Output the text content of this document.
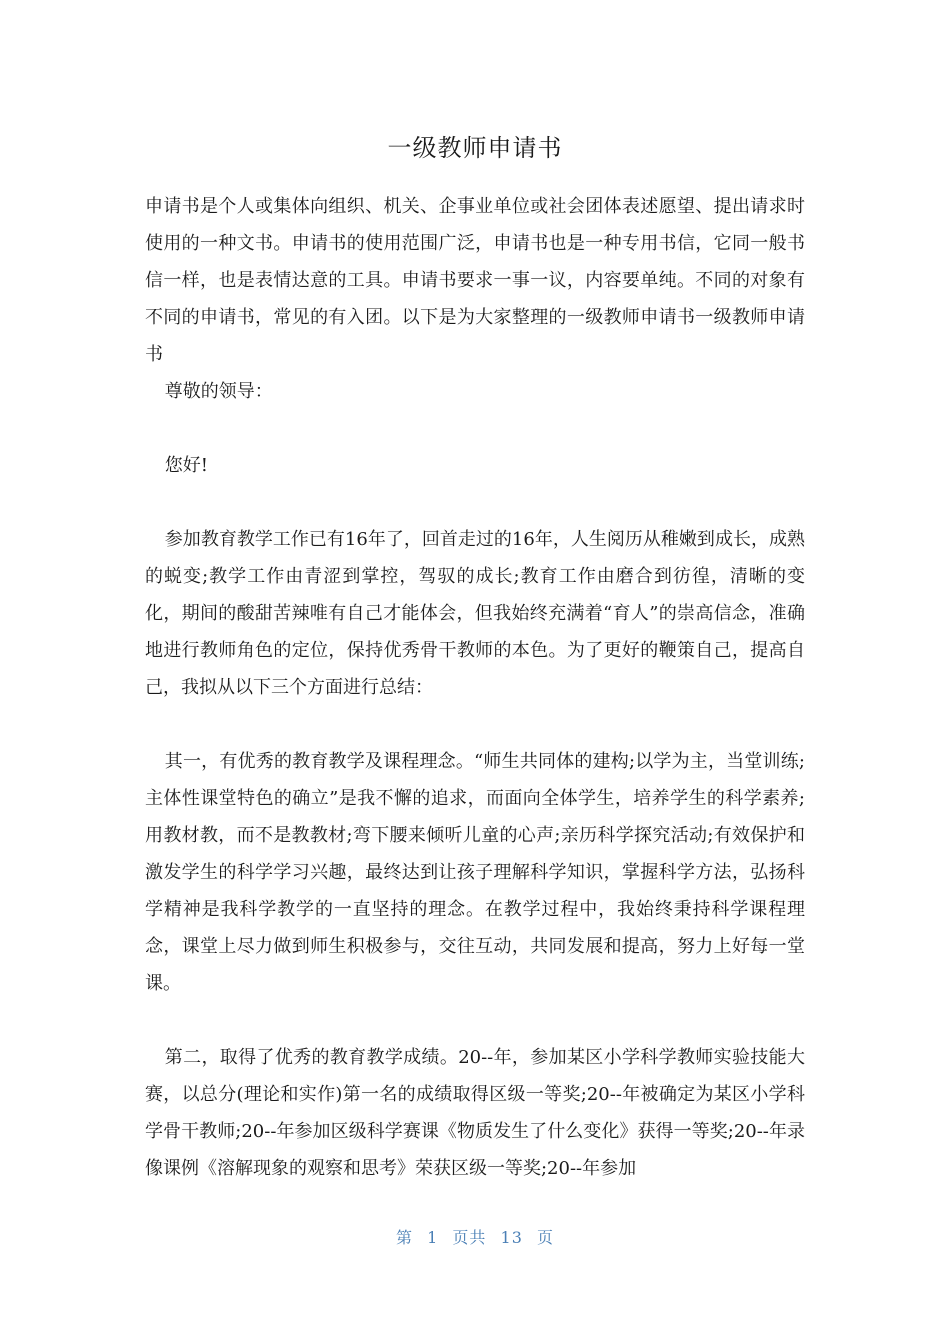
一级教师申请书

申请书是个人或集体向组织、机关、企事业单位或社会团体表述愿望、提出请求时使用的一种文书。申请书的使用范围广泛，申请书也是一种专用书信，它同一般书信一样，也是表情达意的工具。申请书要求一事一议，内容要单纯。不同的对象有不同的申请书，常见的有入团。以下是为大家整理的一级教师申请书一级教师申请书

尊敬的领导：

您好!

参加教育教学工作已有16年了，回首走过的16年，人生阅历从稚嫩到成长，成熟的蜕变;教学工作由青涩到掌控，驾驭的成长;教育工作由磨合到彷徨，清晰的变化，期间的酸甜苦辣唯有自己才能体会，但我始终充满着“育人”的崇高信念，准确地进行教师角色的定位，保持优秀骨干教师的本色。为了更好的鞭策自己，提高自己，我拟从以下三个方面进行总结：

其一，有优秀的教育教学及课程理念。“师生共同体的建构;以学为主，当堂训练;主体性课堂特色的确立”是我不懈的追求，而面向全体学生，培养学生的科学素养;用教材教，而不是教教材;弯下腰来倾听儿童的心声;亲历科学探究活动;有效保护和激发学生的科学学习兴趣，最终达到让孩子理解科学知识，掌握科学方法，弘扬科学精神是我科学教学的一直坚持的理念。在教学过程中，我始终秉持科学课程理念，课堂上尽力做到师生积极参与，交往互动，共同发展和提高，努力上好每一堂课。

第二，取得了优秀的教育教学成绩。20--年，参加某区小学科学教师实验技能大赛，以总分(理论和实作)第一名的成绩取得区级一等奖;20--年被确定为某区小学科学骨干教师;20--年参加区级科学赛课《物质发生了什么变化》获得一等奖;20--年录像课例《溶解现象的观察和思考》荣获区级一等奖;20--年参加

第 1 页共 13 页
